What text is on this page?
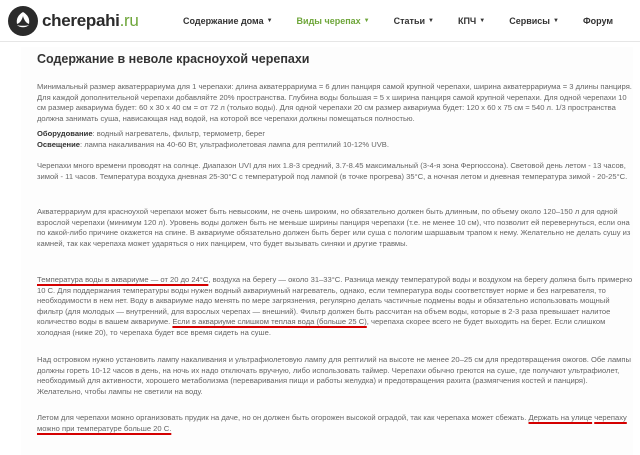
cherepahi.ru	Содержание дома ▼	Виды черепах ▼	Статьи ▼	КПЧ ▼	Сервисы ▼	Форум
Содержание в неволе красноухой черепахи

Минимальный размер акватеррариума для 1 черепахи: длина акватеррариума = 6 длин панциря самой крупной черепахи, ширина акватеррариума = 3 длины панциря. Для каждой дополнительной черепахи добавляйте 20% пространства. Глубина воды большая = 5 х ширина панциря самой крупной черепахи. Для одной черепахи 10 см размер аквариума будет: 60 х 30 х 40 см = от 72 л (только воды). Для одной черепахи 20 см размер аквариума будет: 120 х 60 х 75 см = 540 л. 1/3 пространства должна занимать суша, нависающая над водой, на которой все черепахи должны помещаться полностью.

Оборудование: водный нагреватель, фильтр, термометр, берег

Освещение: лампа накаливания на 40-60 Вт, ультрафиолетовая лампа для рептилий 10-12% UVB.

Черепахи много времени проводят на солнце. Диапазон UVI для них 1.8-3 средний, 3.7-8.45 максимальный (3-4-я зона Фергюссона). Световой день летом - 13 часов, зимой - 11 часов. Температура воздуха дневная 25-30°С с температурой под лампой (в точке прогрева) 35°С, а ночная летом и дневная температура зимой - 20-25°С.

Акватеррариум для красноухой черепахи может быть невысоким, не очень широким, но обязательно должен быть длинным, по объему около 120–150 л для одной взрослой черепахи (минимум 120 л). Уровень воды должен быть не меньше ширины панциря черепахи (т.е. не менее 10 см), что позволит ей перевернуться, если она по какой-либо причине окажется на спине. В аквариуме обязательно должен быть берег или суша с пологим шаршавым трапом к нему. Желательно не делать сушу из камней, так как черепаха может ударяться о них панцирем, что будет вызывать синяки и другие травмы.

Температура воды в аквариуме — от 20 до 24°С, воздуха на берегу — около 31–33°С. Разница между температурой воды и воздухом на берегу должна быть примерно 10 С. Для поддержания температуры воды нужен водный аквариумный нагреватель, однако, если температура воды соответствует норме и без нагревателя, то необходимости в нем нет. Воду в аквариуме надо менять по мере загрязнения, регулярно делать частичные подмены воды и обязательно использовать мощный фильтр (для молодых — внутренний, для взрослых черепах — внешний). Фильтр должен быть рассчитан на объем воды, которые в 2-3 раза превышает налитое количество воды в вашем аквариуме. Если в аквариуме слишком теплая вода (больше 25 С), черепаха скорее всего не будет выходить на берег. Если слишком холодная (ниже 20), то черепаха будет все время сидеть на суше.

Над островком нужно установить лампу накаливания и ультрафиолетовую лампу для рептилий на высоте не менее 20–25 см для предотвращения ожогов. Обе лампы должны гореть 10-12 часов в день, на ночь их надо отключать вручную, либо использовать таймер. Черепахи обычно греются на суше, где получают ультрафиолет, необходимый для активности, хорошего метаболизма (переваривания пищи и работы желудка) и предотвращения рахита (размягчения костей и панциря). Желательно, чтобы лампы не светили на воду.

Летом для черепахи можно организовать прудик на даче, но он должен быть огорожен высокой оградой, так как черепаха может сбежать. Держать на улице черепаху можно при температуре больше 20 С.
